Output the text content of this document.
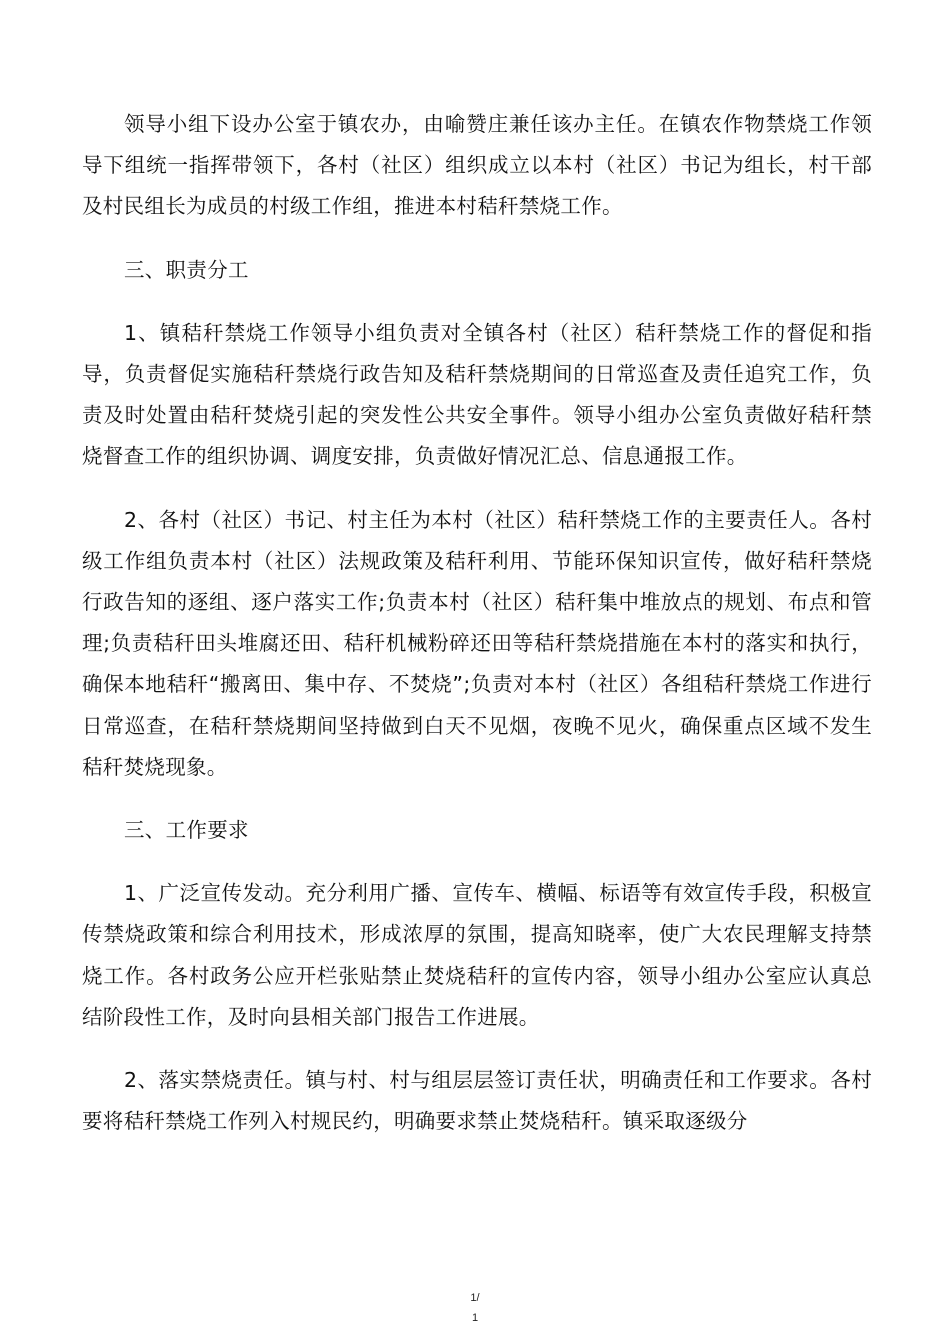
领导小组下设办公室于镇农办，由喻赞庄兼任该办主任。在镇农作物禁烧工作领导下组统一指挥带领下，各村（社区）组织成立以本村（社区）书记为组长，村干部及村民组长为成员的村级工作组，推进本村秸秆禁烧工作。

三、职责分工

1、镇秸秆禁烧工作领导小组负责对全镇各村（社区）秸秆禁烧工作的督促和指导，负责督促实施秸秆禁烧行政告知及秸秆禁烧期间的日常巡查及责任追究工作，负责及时处置由秸秆焚烧引起的突发性公共安全事件。领导小组办公室负责做好秸秆禁烧督查工作的组织协调、调度安排，负责做好情况汇总、信息通报工作。

2、各村（社区）书记、村主任为本村（社区）秸秆禁烧工作的主要责任人。各村级工作组负责本村（社区）法规政策及秸秆利用、节能环保知识宣传，做好秸秆禁烧行政告知的逐组、逐户落实工作;负责本村（社区）秸秆集中堆放点的规划、布点和管理;负责秸秆田头堆腐还田、秸秆机械粉碎还田等秸秆禁烧措施在本村的落实和执行，确保本地秸秆“搬离田、集中存、不焚烧”;负责对本村（社区）各组秸秆禁烧工作进行日常巡查，在秸秆禁烧期间坚持做到白天不见烟，夜晚不见火，确保重点区域不发生秸秆焚烧现象。

三、工作要求

1、广泛宣传发动。充分利用广播、宣传车、横幅、标语等有效宣传手段，积极宣传禁烧政策和综合利用技术，形成浓厚的氛围，提高知晓率，使广大农民理解支持禁烧工作。各村政务公应开栏张贴禁止焚烧秸秆的宣传内容，领导小组办公室应认真总结阶段性工作，及时向县相关部门报告工作进展。

2、落实禁烧责任。镇与村、村与组层层签订责任状，明确责任和工作要求。各村要将秸秆禁烧工作列入村规民约，明确要求禁止焚烧秸秆。镇采取逐级分

1/
1
